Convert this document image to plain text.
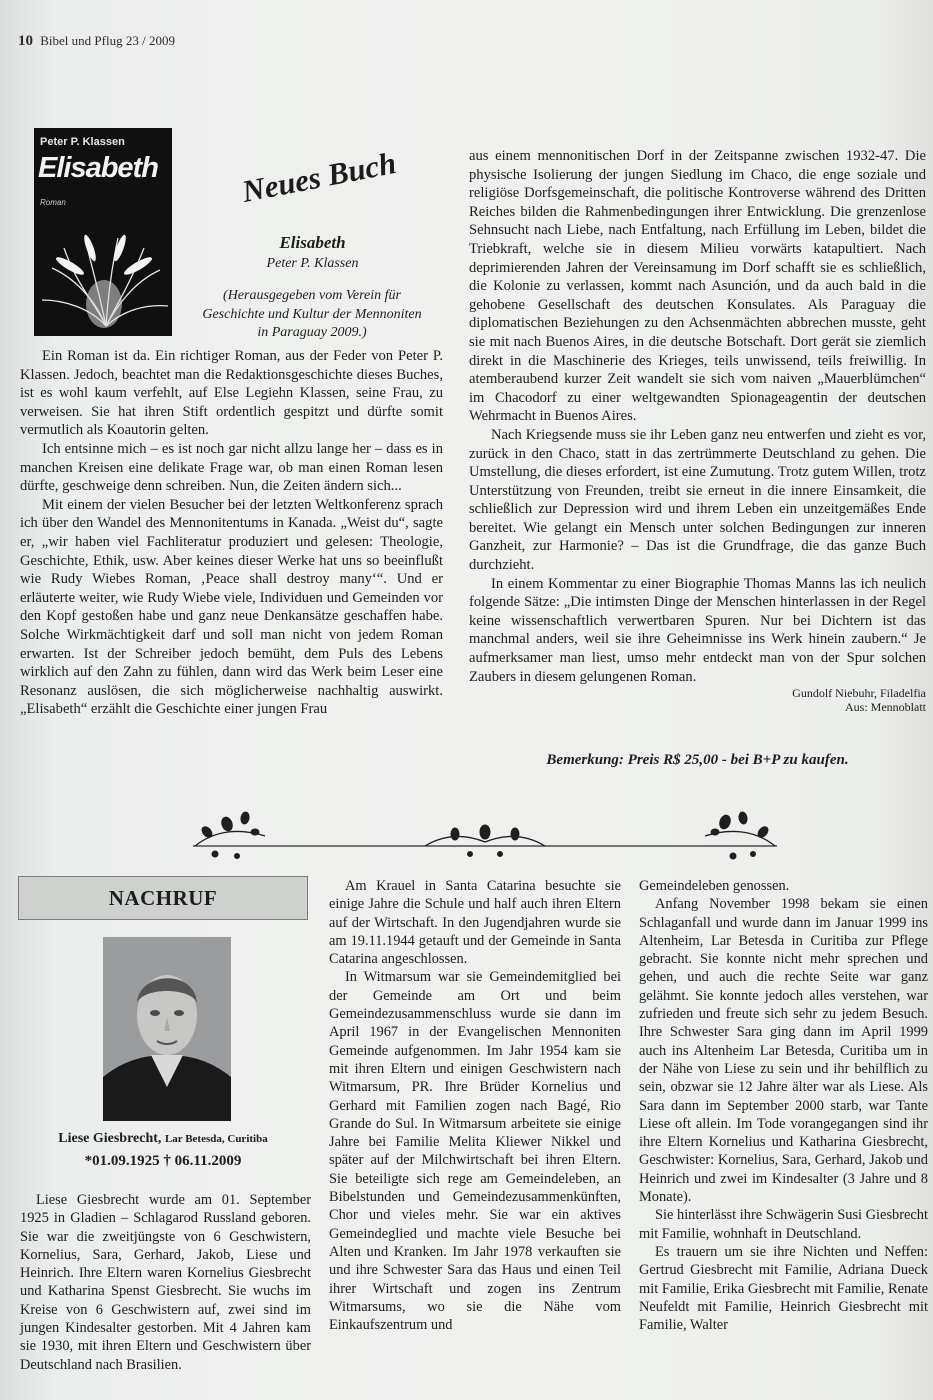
10 Bibel und Pflug 23 / 2009
Peter P. Klassen
Elisabeth
Roman	Neues Buch
Elisabeth
Peter P. Klassen
(Herausgegeben vom Verein für Geschichte und Kultur der Mennoniten in Paraguay 2009.)

Ein Roman ist da. Ein richtiger Roman, aus der Feder von Peter P. Klassen. Jedoch, beachtet man die Redaktionsgeschichte dieses Buches, ist es wohl kaum verfehlt, auf Else Legiehn Klassen, seine Frau, zu verweisen. Sie hat ihren Stift ordentlich gespitzt und dürfte somit vermutlich als Koautorin gelten.

Ich entsinne mich – es ist noch gar nicht allzu lange her – dass es in manchen Kreisen eine delikate Frage war, ob man einen Roman lesen dürfte, geschweige denn schreiben. Nun, die Zeiten ändern sich...

Mit einem der vielen Besucher bei der letzten Weltkonferenz sprach ich über den Wandel des Mennonitentums in Kanada. „Weist du“, sagte er, „wir haben viel Fachliteratur produziert und gelesen: Theologie, Geschichte, Ethik, usw. Aber keines dieser Werke hat uns so beeinflußt wie Rudy Wiebes Roman, ‚Peace shall destroy many‘“. Und er erläuterte weiter, wie Rudy Wiebe viele, Individuen und Gemeinden vor den Kopf gestoßen habe und ganz neue Denkansätze geschaffen habe. Solche Wirkmächtigkeit darf und soll man nicht von jedem Roman erwarten. Ist der Schreiber jedoch bemüht, dem Puls des Lebens wirklich auf den Zahn zu fühlen, dann wird das Werk beim Leser eine Resonanz auslösen, die sich möglicherweise nachhaltig auswirkt. „Elisabeth“ erzählt die Geschichte einer jungen Frau

aus einem mennonitischen Dorf in der Zeitspanne zwischen 1932-47. Die physische Isolierung der jungen Siedlung im Chaco, die enge soziale und religiöse Dorfsgemeinschaft, die politische Kontroverse während des Dritten Reiches bilden die Rahmenbedingungen ihrer Entwicklung. Die grenzenlose Sehnsucht nach Liebe, nach Entfaltung, nach Erfüllung im Leben, bildet die Triebkraft, welche sie in diesem Milieu vorwärts katapultiert. Nach deprimierenden Jahren der Vereinsamung im Dorf schafft sie es schließlich, die Kolonie zu verlassen, kommt nach Asunción, und da auch bald in die gehobene Gesellschaft des deutschen Konsulates. Als Paraguay die diplomatischen Beziehungen zu den Achsenmächten abbrechen musste, geht sie mit nach Buenos Aires, in die deutsche Botschaft. Dort gerät sie ziemlich direkt in die Maschinerie des Krieges, teils unwissend, teils freiwillig. In atemberaubend kurzer Zeit wandelt sie sich vom naiven „Mauerblümchen“ im Chacodorf zu einer weltgewandten Spionageagentin der deutschen Wehrmacht in Buenos Aires.

Nach Kriegsende muss sie ihr Leben ganz neu entwerfen und zieht es vor, zurück in den Chaco, statt in das zertrümmerte Deutschland zu gehen. Die Umstellung, die dieses erfordert, ist eine Zumutung. Trotz gutem Willen, trotz Unterstützung von Freunden, treibt sie erneut in die innere Einsamkeit, die schließlich zur Depression wird und ihrem Leben ein unzeitgemäßes Ende bereitet. Wie gelangt ein Mensch unter solchen Bedingungen zur inneren Ganzheit, zur Harmonie? – Das ist die Grundfrage, die das ganze Buch durchzieht.

In einem Kommentar zu einer Biographie Thomas Manns las ich neulich folgende Sätze: „Die intimsten Dinge der Menschen hinterlassen in der Regel keine wissenschaftlich verwertbaren Spuren. Nur bei Dichtern ist das manchmal anders, weil sie ihre Geheimnisse ins Werk hinein zaubern.“ Je aufmerksamer man liest, umso mehr entdeckt man von der Spur solchen Zaubers in diesem gelungenen Roman.

Gundolf Niebuhr, Filadelfia
Aus: Mennoblatt
Bemerkung: Preis R$ 25,00 - bei B+P zu kaufen.
NACHRUF
Liese Giesbrecht, Lar Betesda, Curitiba
*01.09.1925 † 06.11.2009

Liese Giesbrecht wurde am 01. September 1925 in Gladien – Schlagarod Russland geboren. Sie war die zweitjüngste von 6 Geschwistern, Kornelius, Sara, Gerhard, Jakob, Liese und Heinrich. Ihre Eltern waren Kornelius Giesbrecht und Katharina Spenst Giesbrecht. Sie wuchs im Kreise von 6 Geschwistern auf, zwei sind im jungen Kindesalter gestorben. Mit 4 Jahren kam sie 1930, mit ihren Eltern und Geschwistern über Deutschland nach Brasilien.

Am Krauel in Santa Catarina besuchte sie einige Jahre die Schule und half auch ihren Eltern auf der Wirtschaft. In den Jugendjahren wurde sie am 19.11.1944 getauft und der Gemeinde in Santa Catarina angeschlossen.

In Witmarsum war sie Gemeindemitglied bei der Gemeinde am Ort und beim Gemeindezusammenschluss wurde sie dann im April 1967 in der Evangelischen Mennoniten Gemeinde aufgenommen. Im Jahr 1954 kam sie mit ihren Eltern und einigen Geschwistern nach Witmarsum, PR. Ihre Brüder Kornelius und Gerhard mit Familien zogen nach Bagé, Rio Grande do Sul. In Witmarsum arbeitete sie einige Jahre bei Familie Melita Kliewer Nikkel und später auf der Milchwirtschaft bei ihren Eltern. Sie beteiligte sich rege am Gemeindeleben, an Bibelstunden und Gemeindezusammenkünften, Chor und vieles mehr. Sie war ein aktives Gemeindeglied und machte viele Besuche bei Alten und Kranken. Im Jahr 1978 verkauften sie und ihre Schwester Sara das Haus und einen Teil ihrer Wirtschaft und zogen ins Zentrum Witmarsums, wo sie die Nähe vom Einkaufszentrum und

Gemeindeleben genossen.

Anfang November 1998 bekam sie einen Schlaganfall und wurde dann im Januar 1999 ins Altenheim, Lar Betesda in Curitiba zur Pflege gebracht. Sie konnte nicht mehr sprechen und gehen, und auch die rechte Seite war ganz gelähmt. Sie konnte jedoch alles verstehen, war zufrieden und freute sich sehr zu jedem Besuch. Ihre Schwester Sara ging dann im April 1999 auch ins Altenheim Lar Betesda, Curitiba um in der Nähe von Liese zu sein und ihr behilflich zu sein, obzwar sie 12 Jahre älter war als Liese. Als Sara dann im September 2000 starb, war Tante Liese oft allein. Im Tode vorangegangen sind ihr ihre Eltern Kornelius und Katharina Giesbrecht, Geschwister: Kornelius, Sara, Gerhard, Jakob und Heinrich und zwei im Kindesalter (3 Jahre und 8 Monate).

Sie hinterlässt ihre Schwägerin Susi Giesbrecht mit Familie, wohnhaft in Deutschland.

Es trauern um sie ihre Nichten und Neffen: Gertrud Giesbrecht mit Familie, Adriana Dueck mit Familie, Erika Giesbrecht mit Familie, Renate Neufeldt mit Familie, Heinrich Giesbrecht mit Familie, Walter
